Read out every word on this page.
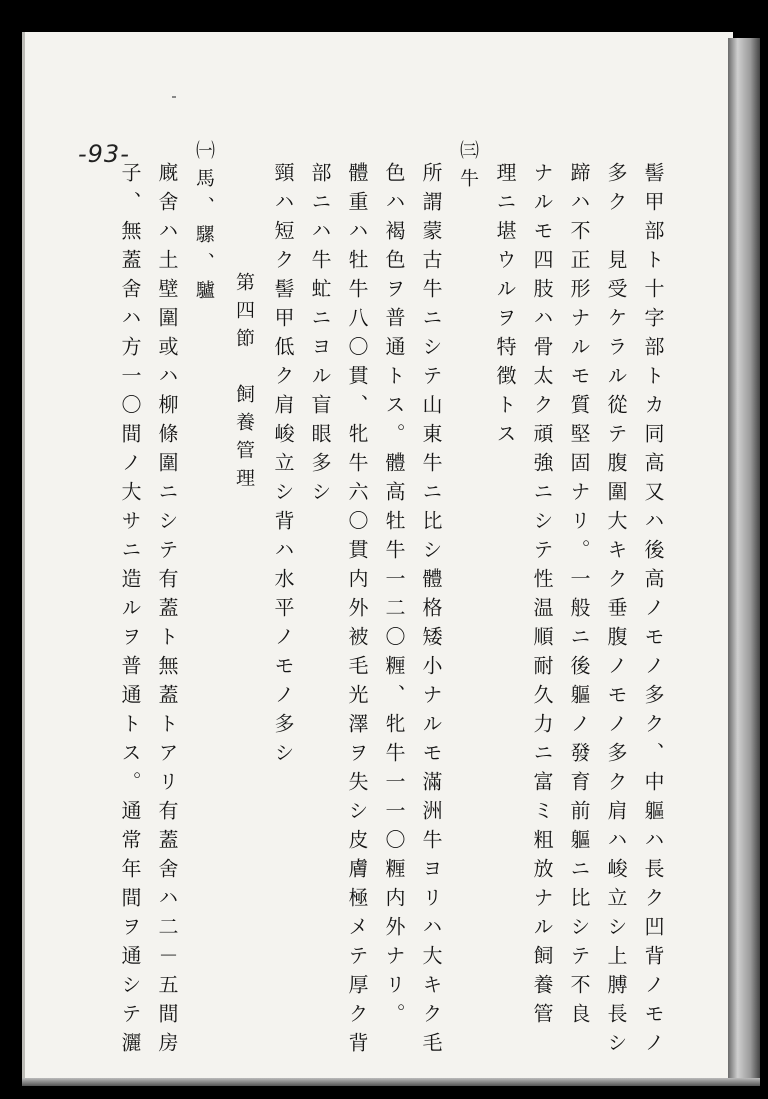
-93-
髻甲部ト十字部トカ同高又ハ後高ノモノ多ク、中軀ハ長ク凹背ノモノ
多ク　見受ケラル從テ腹圍大キク垂腹ノモノ多ク肩ハ峻立シ上膊長シ
蹄ハ不正形ナルモ質堅固ナリ。一般ニ後軀ノ發育前軀ニ比シテ不良
ナルモ四肢ハ骨太ク頑強ニシテ性温順耐久力ニ富ミ粗放ナル飼養管
理ニ堪ウルヲ特徴トス
㈢牛
所謂蒙古牛ニシテ山東牛ニ比シ體格矮小ナルモ滿洲牛ヨリハ大キク毛
色ハ褐色ヲ普通トス。體高牡牛一二〇糎、牝牛一一〇糎内外ナリ。
體重ハ牡牛八〇貫、牝牛六〇貫内外被毛光澤ヲ失シ皮膚極メテ厚ク背
部ニハ牛虻ニヨル盲眼多シ
頸ハ短ク髻甲低ク肩峻立シ背ハ水平ノモノ多シ
第四節　飼養管理
㈠馬、騾、驢
廐舍ハ土壁圍或ハ柳條圍ニシテ有蓋ト無蓋トアリ有蓋舍ハ二－五間房
子、無蓋舍ハ方一〇間ノ大サニ造ルヲ普通トス。通常年間ヲ通シテ灑
